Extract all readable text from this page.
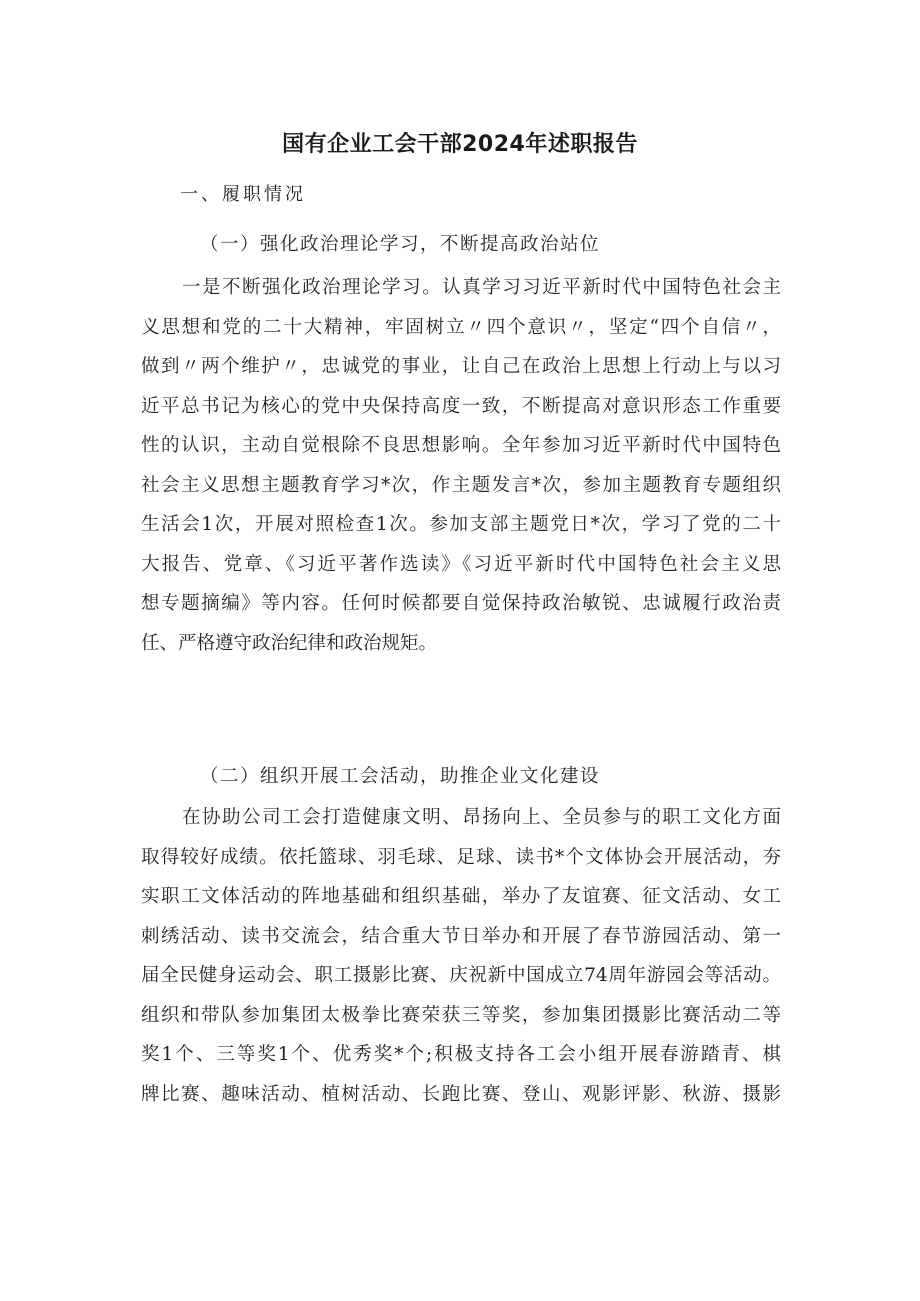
国有企业工会干部2024年述职报告
一、履职情况
（一）强化政治理论学习，不断提高政治站位
一是不断强化政治理论学习。认真学习习近平新时代中国特色社会主
义思想和党的二十大精神，牢固树立〃四个意识〃，坚定“四个自信〃，
做到〃两个维护〃，忠诚党的事业，让自己在政治上思想上行动上与以习
近平总书记为核心的党中央保持高度一致，不断提高对意识形态工作重要
性的认识，主动自觉根除不良思想影响。全年参加习近平新时代中国特色
社会主义思想主题教育学习*次，作主题发言*次，参加主题教育专题组织
生活会1次，开展对照检查1次。参加支部主题党日*次，学习了党的二十
大报告、党章、《习近平著作选读》《习近平新时代中国特色社会主义思
想专题摘编》等内容。任何时候都要自觉保持政治敏锐、忠诚履行政治责
任、严格遵守政治纪律和政治规矩。
（二）组织开展工会活动，助推企业文化建设
在协助公司工会打造健康文明、昂扬向上、全员参与的职工文化方面
取得较好成绩。依托篮球、羽毛球、足球、读书*个文体协会开展活动，夯
实职工文体活动的阵地基础和组织基础，举办了友谊赛、征文活动、女工
刺绣活动、读书交流会，结合重大节日举办和开展了春节游园活动、第一
届全民健身运动会、职工摄影比赛、庆祝新中国成立74周年游园会等活动。
组织和带队参加集团太极拳比赛荣获三等奖，参加集团摄影比赛活动二等
奖1个、三等奖1个、优秀奖*个;积极支持各工会小组开展春游踏青、棋
牌比赛、趣味活动、植树活动、长跑比赛、登山、观影评影、秋游、摄影
